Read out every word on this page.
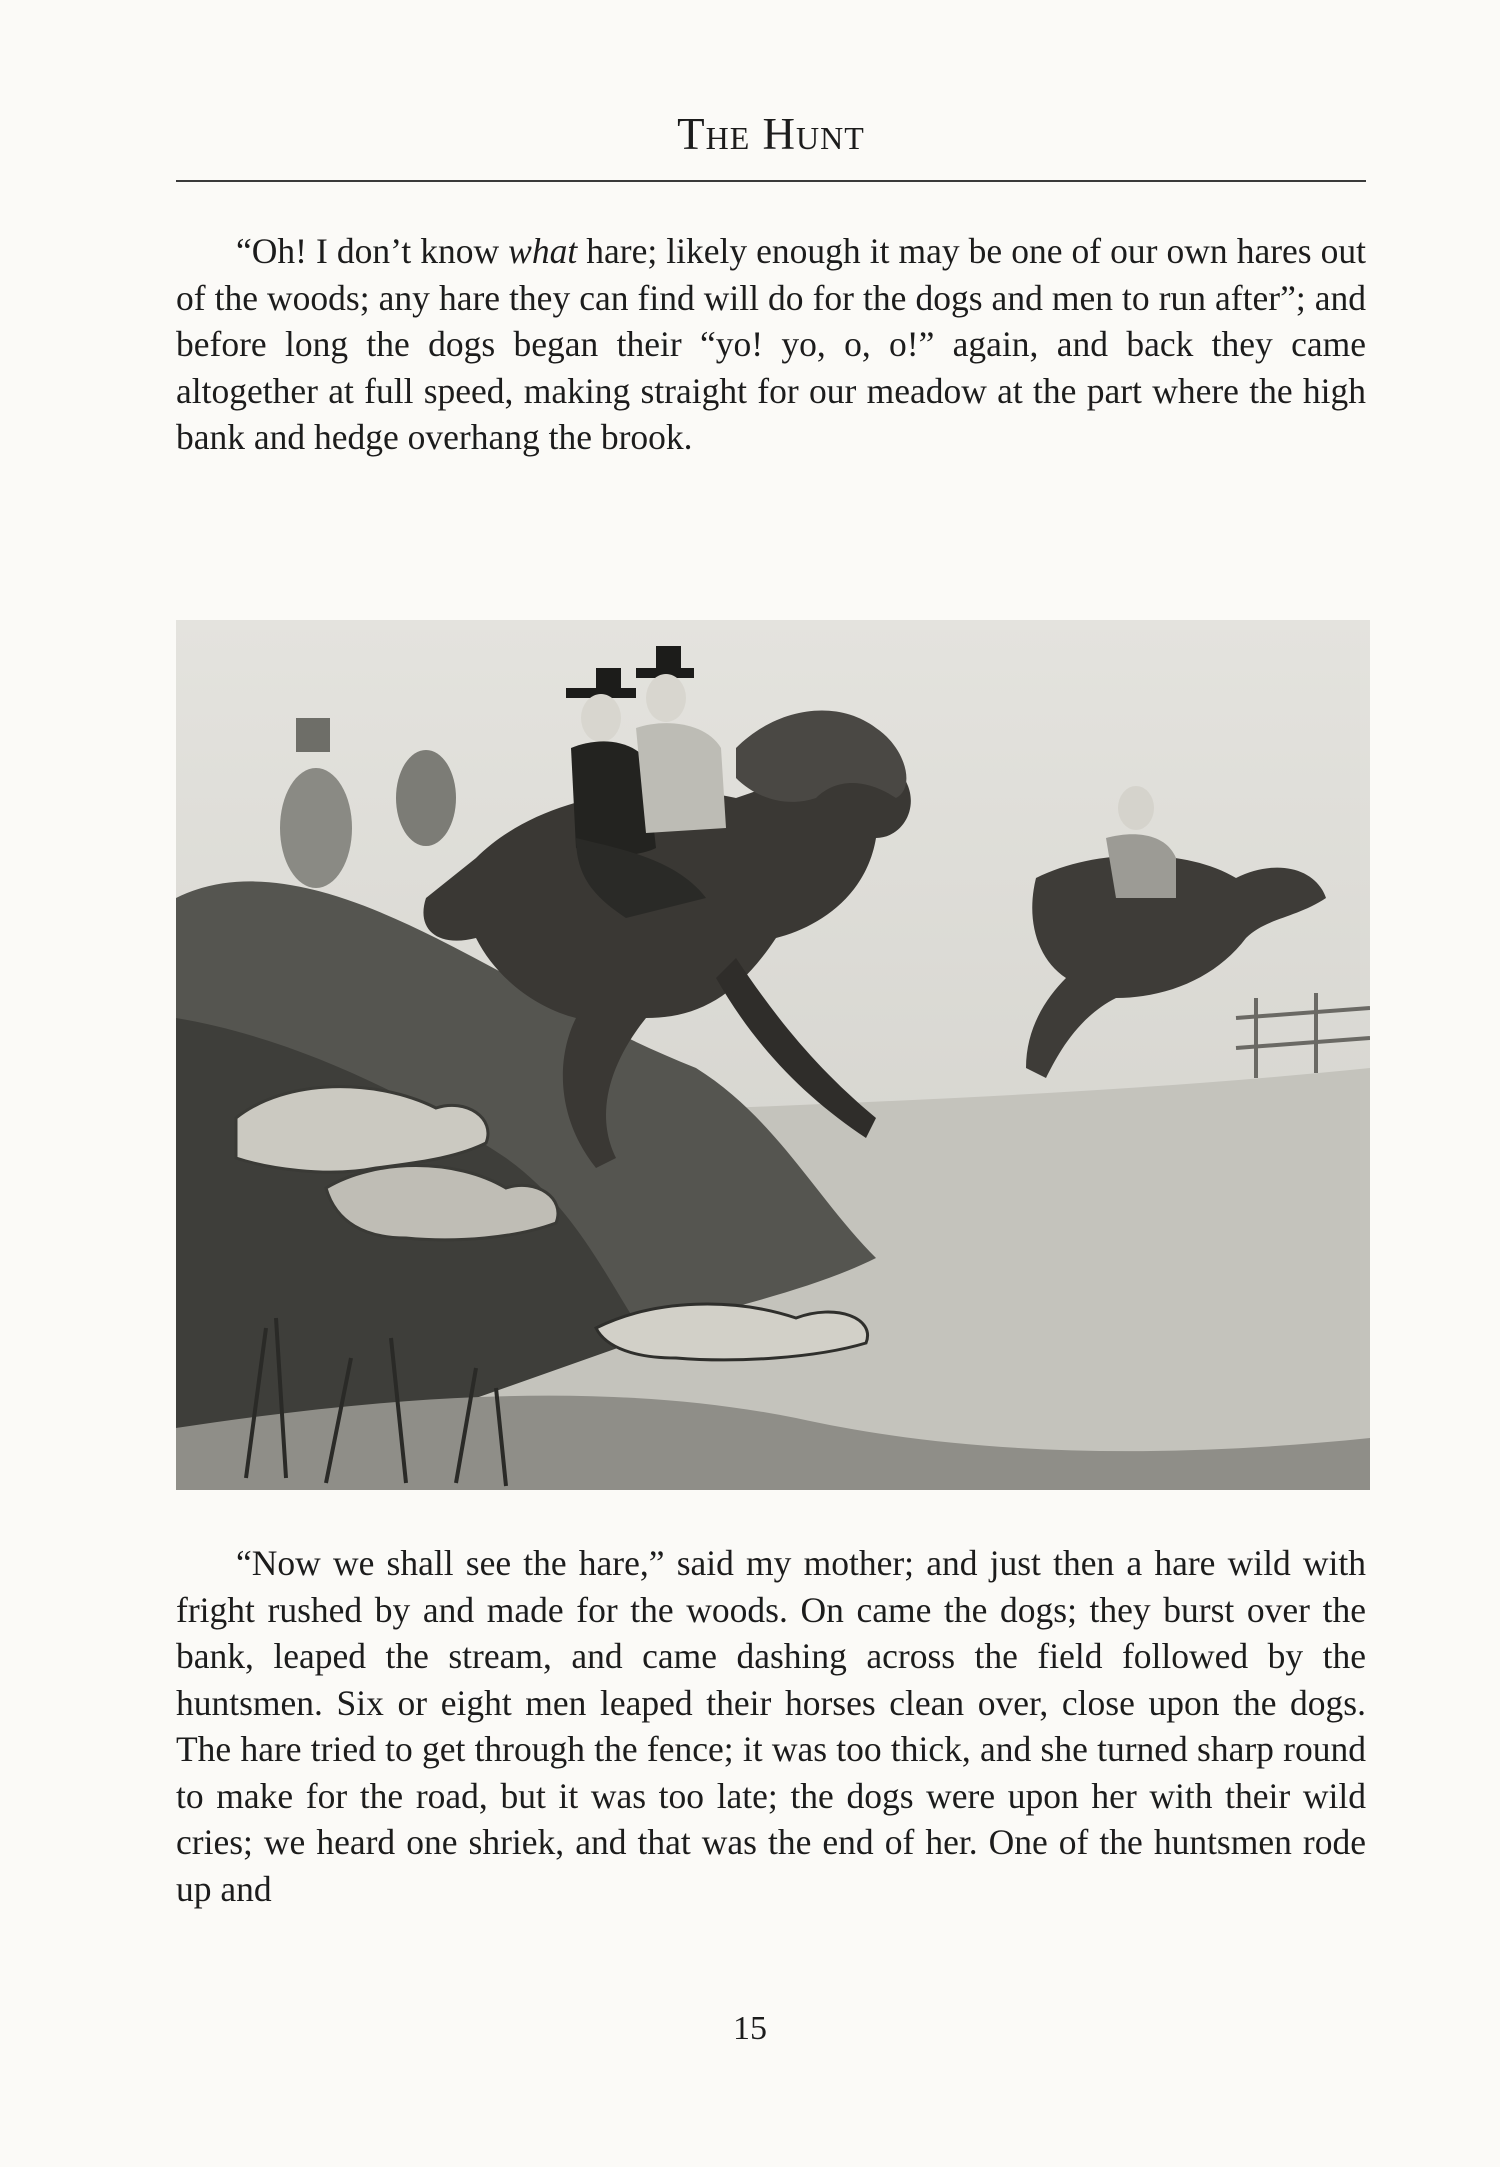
The Hunt

“Oh! I don’t know what hare; likely enough it may be one of our own hares out of the woods; any hare they can find will do for the dogs and men to run after”; and before long the dogs began their “yo! yo, o, o!” again, and back they came altogether at full speed, making straight for our meadow at the part where the high bank and hedge overhang the brook.

“Now we shall see the hare,” said my mother; and just then a hare wild with fright rushed by and made for the woods. On came the dogs; they burst over the bank, leaped the stream, and came dashing across the field followed by the huntsmen. Six or eight men leaped their horses clean over, close upon the dogs. The hare tried to get through the fence; it was too thick, and she turned sharp round to make for the road, but it was too late; the dogs were upon her with their wild cries; we heard one shriek, and that was the end of her. One of the huntsmen rode up and

15
